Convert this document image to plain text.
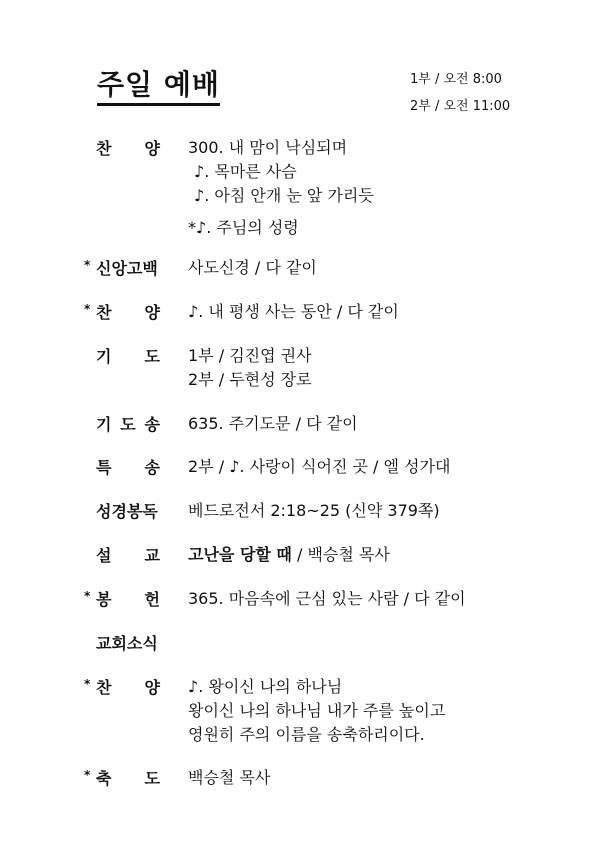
주일 예배	1부 / 오전 8:00
2부 / 오전 11:00
찬 양 300. 내 맘이 낙심되며
♪. 목마른 사슴
♪. 아침 안개 눈 앞 가리듯
*♪. 주님의 성령
* 신앙고백 사도신경 / 다 같이
* 찬 양 ♪. 내 평생 사는 동안 / 다 같이
기 도 1부 / 김진엽 권사
2부 / 두현성 장로
기 도 송 635. 주기도문 / 다 같이
특 송 2부 / ♪. 사랑이 식어진 곳 / 엘 성가대
성경봉독 베드로전서 2:18~25 (신약 379쪽)
설 교 고난을 당할 때 / 백승철 목사
* 봉 헌 365. 마음속에 근심 있는 사람 / 다 같이
교회소식
* 찬 양 ♪. 왕이신 나의 하나님
왕이신 나의 하나님 내가 주를 높이고
영원히 주의 이름을 송축하리이다.
* 축 도 백승철 목사
